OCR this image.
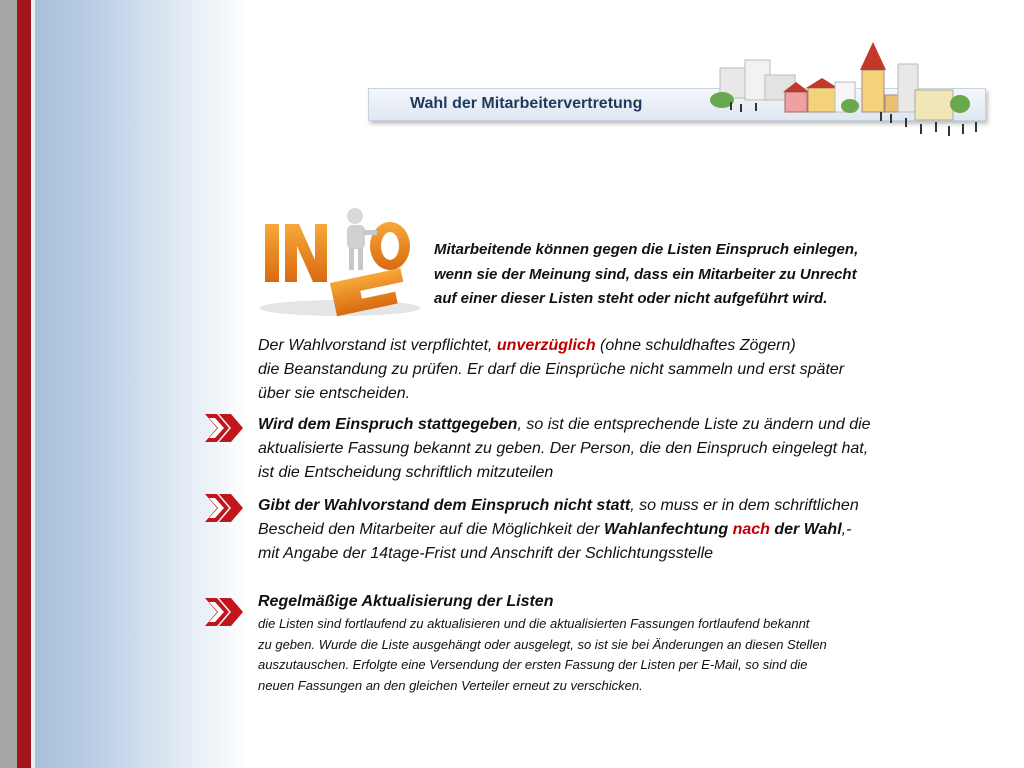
Wahl der Mitarbeitervertretung
Mitarbeitende können gegen die Listen Einspruch einlegen,
wenn sie der Meinung sind, dass ein Mitarbeiter zu Unrecht
auf einer dieser Listen steht oder nicht aufgeführt wird.
Der Wahlvorstand ist verpflichtet, unverzüglich (ohne schuldhaftes Zögern)
die Beanstandung zu prüfen. Er darf die Einsprüche nicht sammeln und erst später
über sie entscheiden.
Wird dem Einspruch stattgegeben, so ist die entsprechende Liste zu ändern und die
aktualisierte Fassung bekannt zu geben. Der Person, die den Einspruch eingelegt hat,
ist die Entscheidung schriftlich mitzuteilen
Gibt der Wahlvorstand dem Einspruch nicht statt, so muss er in dem schriftlichen
Bescheid den Mitarbeiter auf die Möglichkeit der Wahlanfechtung nach der Wahl,-
mit Angabe der 14tage-Frist und Anschrift der Schlichtungsstelle
Regelmäßige Aktualisierung der Listen
die Listen sind fortlaufend zu aktualisieren und die aktualisierten Fassungen fortlaufend bekannt
zu geben. Wurde die Liste ausgehängt oder ausgelegt, so ist sie bei Änderungen an diesen Stellen
auszutauschen. Erfolgte eine Versendung der ersten Fassung der Listen per E-Mail, so sind die
neuen Fassungen an den gleichen Verteiler erneut zu verschicken.
